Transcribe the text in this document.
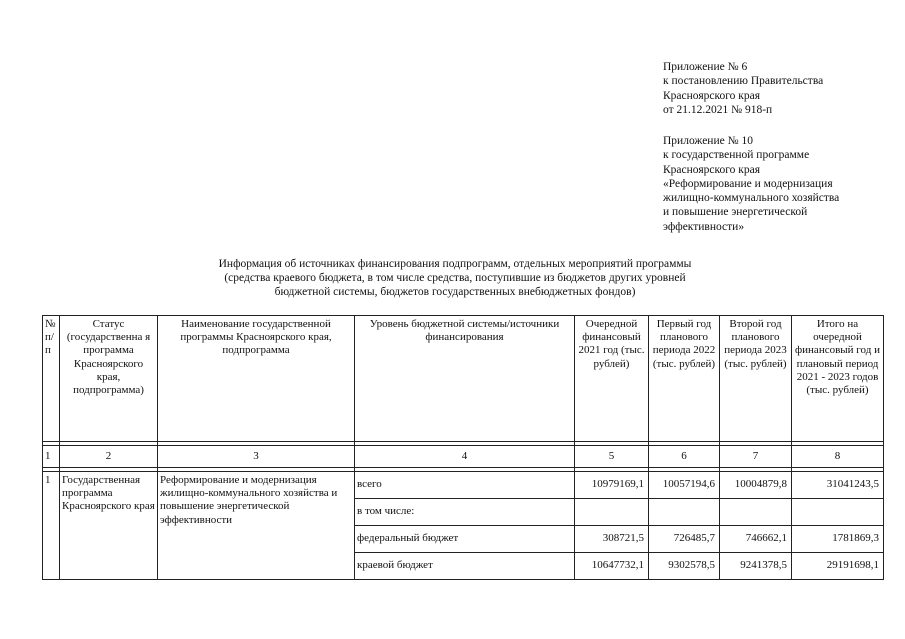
Приложение № 6
к постановлению Правительства
Красноярского края
от 21.12.2021 № 918-п
Приложение № 10
к государственной программе
Красноярского края
«Реформирование и модернизация
жилищно-коммунального хозяйства
и повышение энергетической
эффективности»
Информация об источниках финансирования подпрограмм, отдельных мероприятий программы
(средства краевого бюджета, в том числе средства, поступившие из бюджетов других уровней
бюджетной системы, бюджетов государственных внебюджетных фондов)
№ п/п	Статус (государственна я программа Красноярского края, подпрограмма)	Наименование государственной программы Красноярского края, подпрограмма	Уровень бюджетной системы/источники финансирования	Очередной финансовый 2021 год (тыс. рублей)	Первый год планового периода 2022 (тыс. рублей)	Второй год планового периода 2023 (тыс. рублей)	Итого на очередной финансовый год и плановый период 2021 - 2023 годов (тыс. рублей)

1	2	3	4	5	6	7	8

1	Государственная программа Красноярского края	Реформирование и модернизация жилищно-коммунального хозяйства и повышение энергетической эффективности	всего	10979169,1	10057194,6	10004879,8	31041243,5
			в том числе:				
			федеральный бюджет	308721,5	726485,7	746662,1	1781869,3
			краевой бюджет	10647732,1	9302578,5	9241378,5	29191698,1
